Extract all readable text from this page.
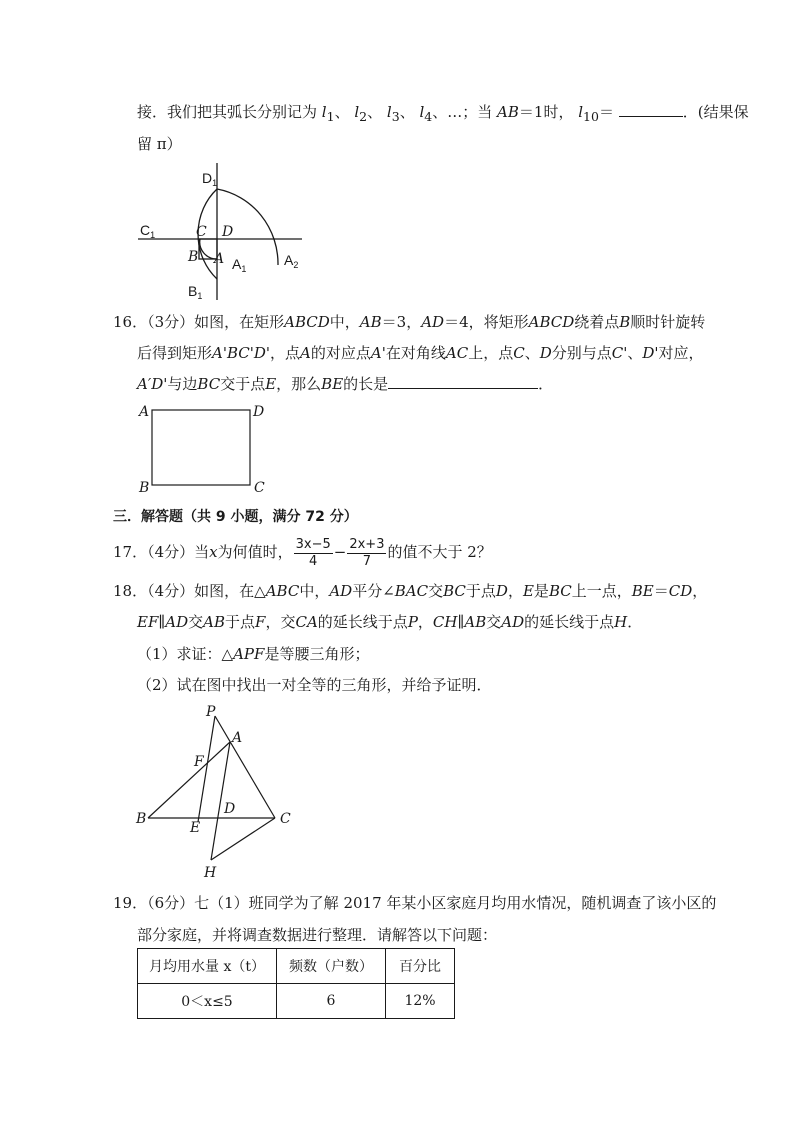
接．我们把其弧长分别记为 $l_1$、 $l_2$、 $l_3$、 $l_4$、…；当 AB＝1时， $l_{10}=$	．(结果保
留 π）
$D_1$
$C_1$	C D
B A $A_1$
$A_2$
$B_1$
16．（3分）如图，在矩形ABCD中，AB＝3，AD＝4，将矩形ABCD绕着点B顺时针旋转
后得到矩形A'BC'D'，点A的对应点A'在对角线AC上，点C、D分别与点C'、D'对应，
A′D'与边BC交于点E，那么BE的长是	．
A	D
B	C
三．解答题（共 9 小题，满分 72 分）
17．（4分）当x为何值时， $\frac{3x-5}{4} - \frac{2x+3}{7}$ 的值不大于 2？
18．（4分）如图，在△ABC中，AD平分∠BAC交BC于点D，E是BC上一点，BE＝CD，
EF∥AD交AB于点F，交CA的延长线于点P，CH∥AB交AD的延长线于点H．
（1）求证：△APF是等腰三角形；
（2）试在图中找出一对全等的三角形，并给予证明．
P
A
F
D
B
E
C
H
19．（6分）七（1）班同学为了解 2017 年某小区家庭月均用水情况，随机调查了该小区的
部分家庭，并将调查数据进行整理．请解答以下问题：
月均用水量 x（t）	频数（户数）	百分比
0＜x≤5	6	12%
